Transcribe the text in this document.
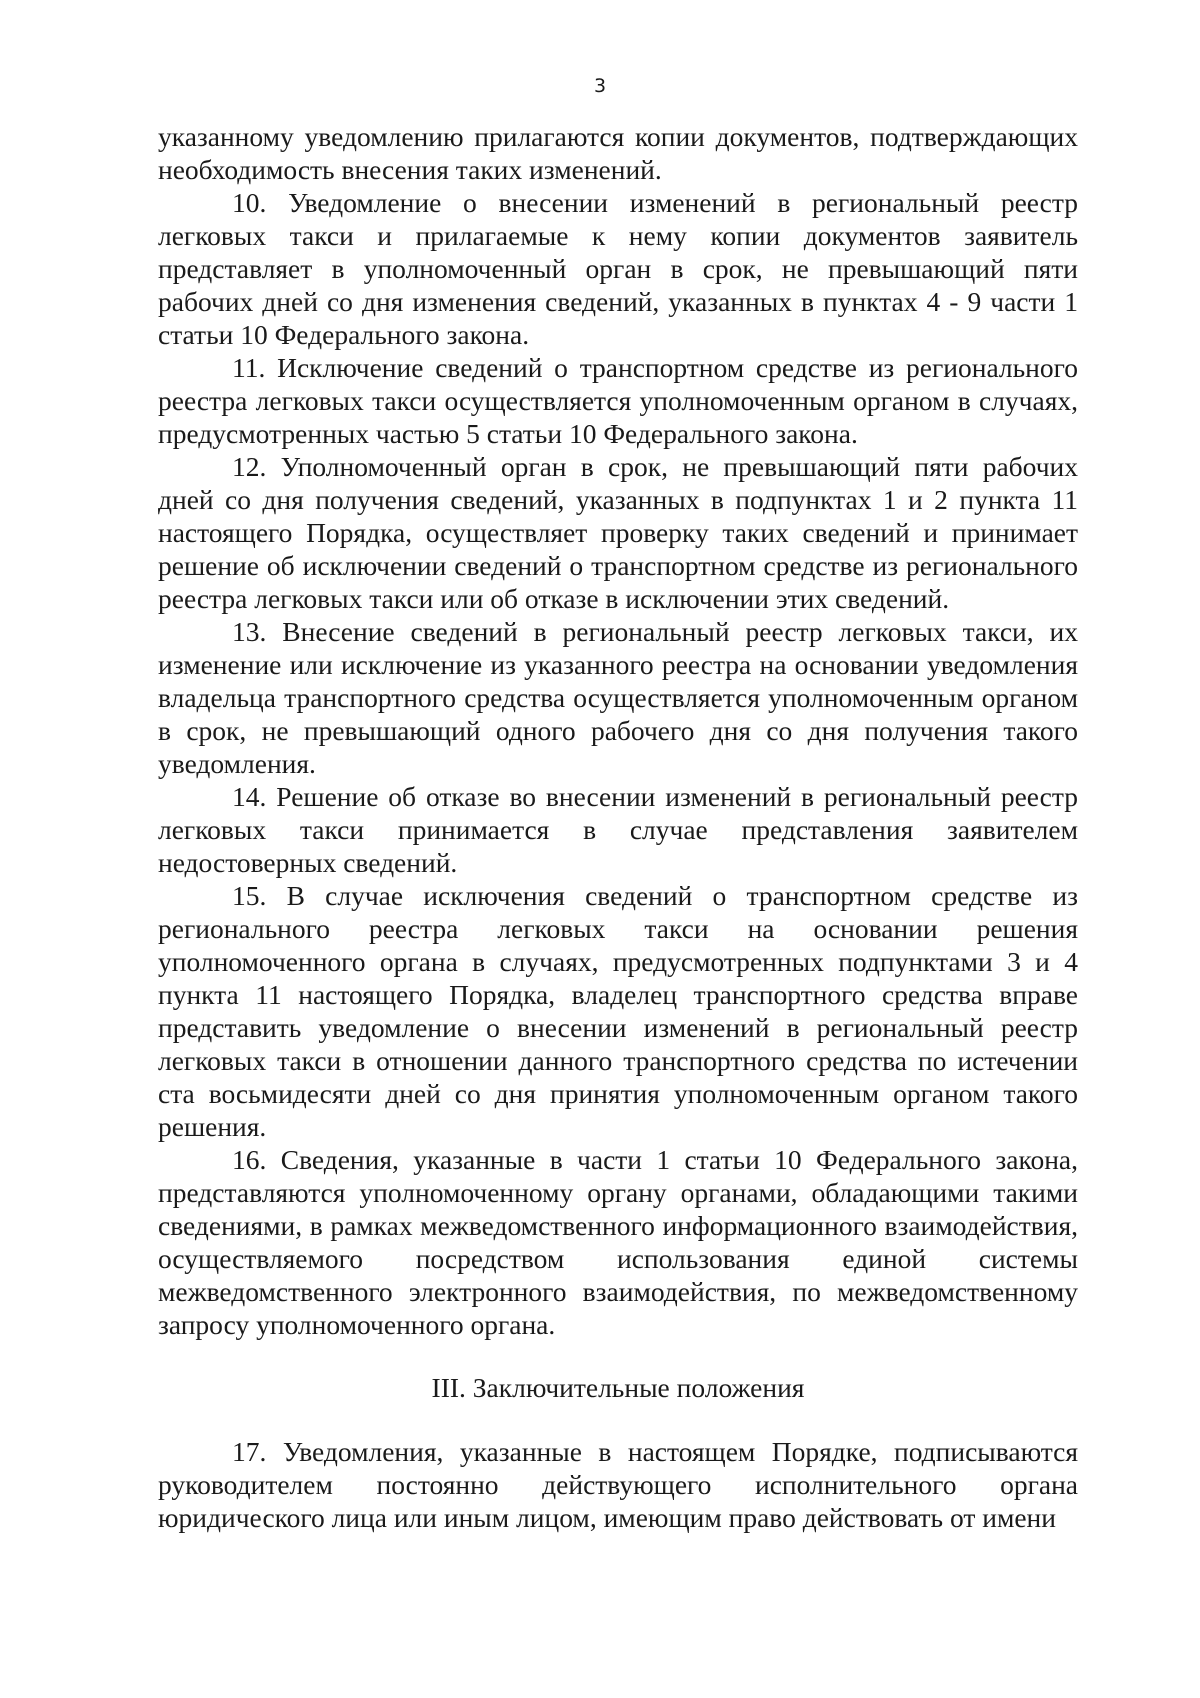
3

указанному уведомлению прилагаются копии документов, подтверждающих необходимость внесения таких изменений.

10. Уведомление о внесении изменений в региональный реестр легковых такси и прилагаемые к нему копии документов заявитель представляет в уполномоченный орган в срок, не превышающий пяти рабочих дней со дня изменения сведений, указанных в пунктах 4 - 9 части 1 статьи 10 Федерального закона.

11. Исключение сведений о транспортном средстве из регионального реестра легковых такси осуществляется уполномоченным органом в случаях, предусмотренных частью 5 статьи 10 Федерального закона.

12. Уполномоченный орган в срок, не превышающий пяти рабочих дней со дня получения сведений, указанных в подпунктах 1 и 2 пункта 11 настоящего Порядка, осуществляет проверку таких сведений и принимает решение об исключении сведений о транспортном средстве из регионального реестра легковых такси или об отказе в исключении этих сведений.

13. Внесение сведений в региональный реестр легковых такси, их изменение или исключение из указанного реестра на основании уведомления владельца транспортного средства осуществляется уполномоченным органом в срок, не превышающий одного рабочего дня со дня получения такого уведомления.

14. Решение об отказе во внесении изменений в региональный реестр легковых такси принимается в случае представления заявителем недостоверных сведений.

15. В случае исключения сведений о транспортном средстве из регионального реестра легковых такси на основании решения уполномоченного органа в случаях, предусмотренных подпунктами 3 и 4 пункта 11 настоящего Порядка, владелец транспортного средства вправе представить уведомление о внесении изменений в региональный реестр легковых такси в отношении данного транспортного средства по истечении ста восьмидесяти дней со дня принятия уполномоченным органом такого решения.

16. Сведения, указанные в части 1 статьи 10 Федерального закона, представляются уполномоченному органу органами, обладающими такими сведениями, в рамках межведомственного информационного взаимодействия, осуществляемого посредством использования единой системы межведомственного электронного взаимодействия, по межведомственному запросу уполномоченного органа.

III. Заключительные положения

17. Уведомления, указанные в настоящем Порядке, подписываются руководителем постоянно действующего исполнительного органа юридического лица или иным лицом, имеющим право действовать от имени
